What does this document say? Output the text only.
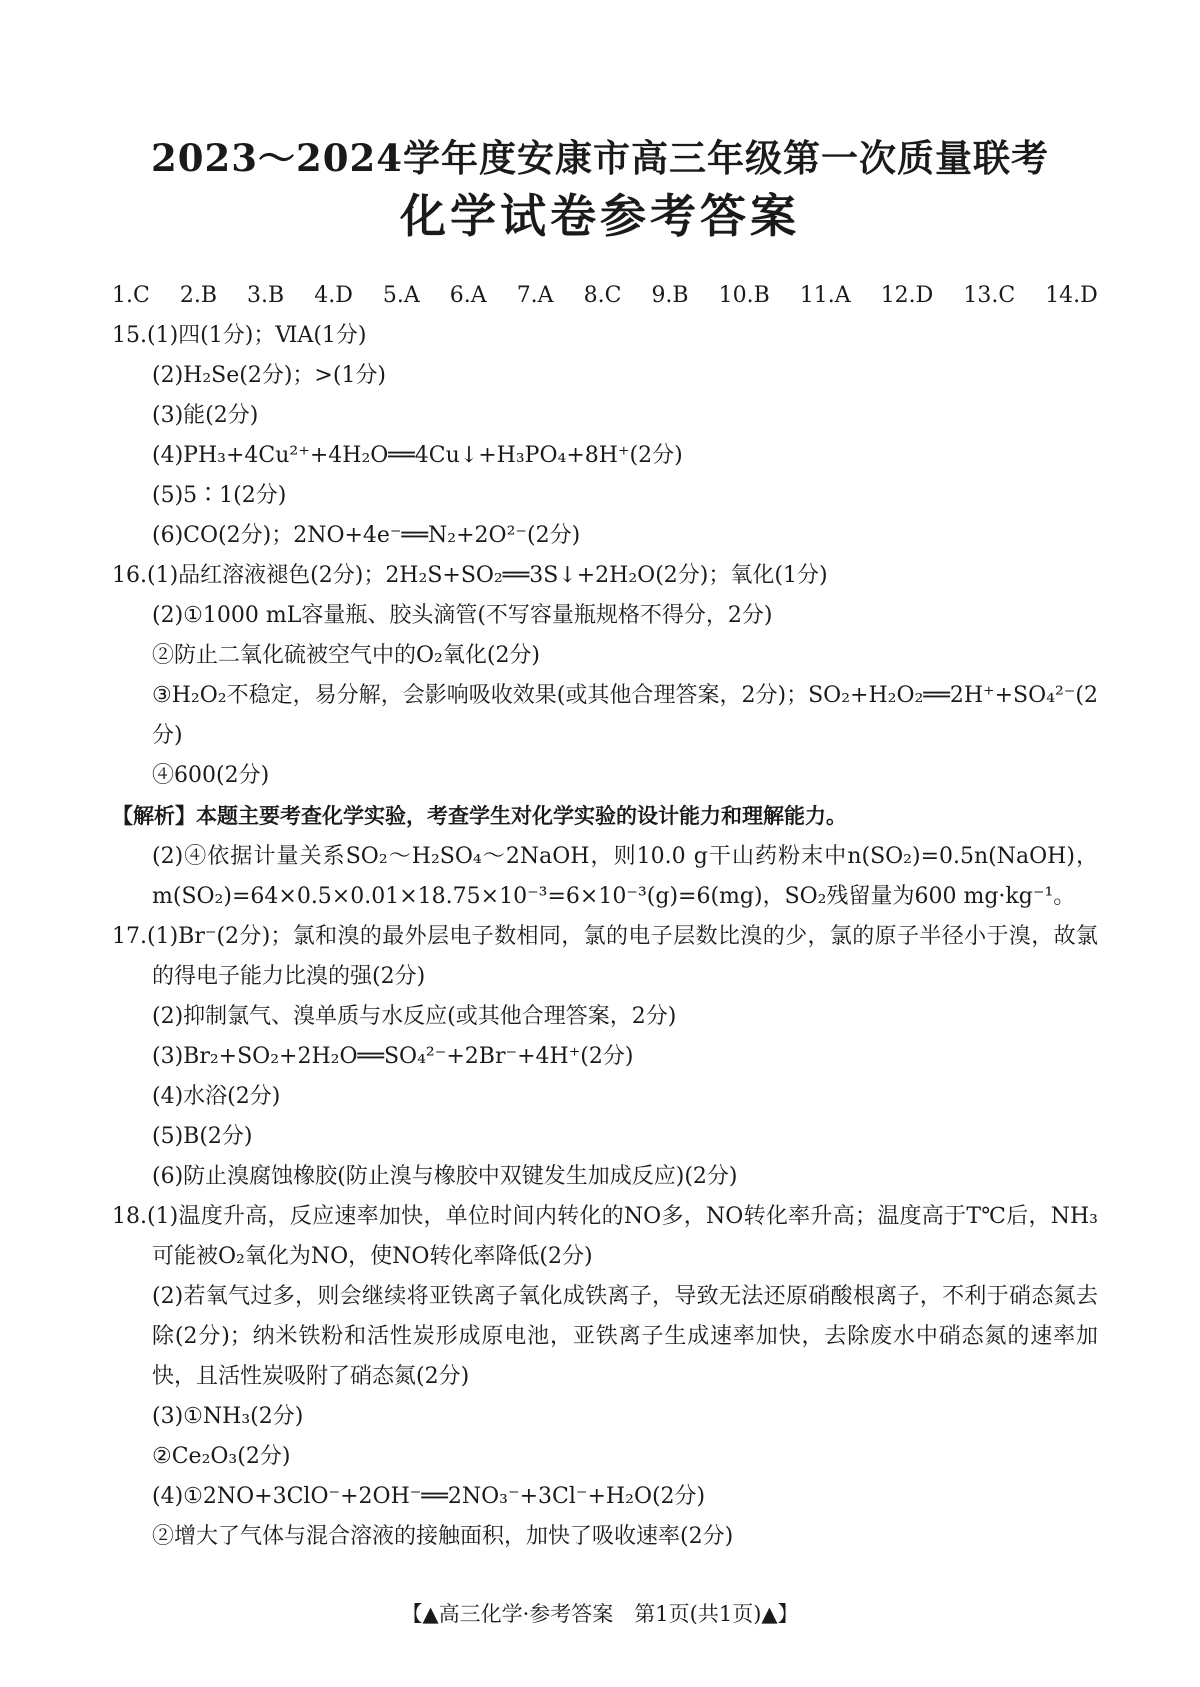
2023～2024学年度安康市高三年级第一次质量联考
化学试卷参考答案
1.C 2.B 3.B 4.D 5.A 6.A 7.A 8.C 9.B 10.B 11.A 12.D 13.C 14.D
15.(1)四(1分)；ⅥA(1分)
(2)H₂Se(2分)；>(1分)
(3)能(2分)
(4)PH₃+4Cu²⁺+4H₂O══4Cu↓+H₃PO₄+8H⁺(2分)
(5)5∶1(2分)
(6)CO(2分)；2NO+4e⁻══N₂+2O²⁻(2分)
16.(1)品红溶液褪色(2分)；2H₂S+SO₂══3S↓+2H₂O(2分)；氧化(1分)
(2)①1000 mL容量瓶、胶头滴管(不写容量瓶规格不得分，2分)
②防止二氧化硫被空气中的O₂氧化(2分)
③H₂O₂不稳定，易分解，会影响吸收效果(或其他合理答案，2分)；SO₂+H₂O₂══2H⁺+SO₄²⁻(2分)
④600(2分)
【解析】本题主要考查化学实验，考查学生对化学实验的设计能力和理解能力。
(2)④依据计量关系SO₂～H₂SO₄～2NaOH，则10.0 g干山药粉末中n(SO₂)=0.5n(NaOH)，m(SO₂)=64×0.5×0.01×18.75×10⁻³=6×10⁻³(g)=6(mg)，SO₂残留量为600 mg·kg⁻¹。
17.(1)Br⁻(2分)；氯和溴的最外层电子数相同，氯的电子层数比溴的少，氯的原子半径小于溴，故氯的得电子能力比溴的强(2分)
(2)抑制氯气、溴单质与水反应(或其他合理答案，2分)
(3)Br₂+SO₂+2H₂O══SO₄²⁻+2Br⁻+4H⁺(2分)
(4)水浴(2分)
(5)B(2分)
(6)防止溴腐蚀橡胶(防止溴与橡胶中双键发生加成反应)(2分)
18.(1)温度升高，反应速率加快，单位时间内转化的NO多，NO转化率升高；温度高于T℃后，NH₃可能被O₂氧化为NO，使NO转化率降低(2分)
(2)若氧气过多，则会继续将亚铁离子氧化成铁离子，导致无法还原硝酸根离子，不利于硝态氮去除(2分)；纳米铁粉和活性炭形成原电池，亚铁离子生成速率加快，去除废水中硝态氮的速率加快，且活性炭吸附了硝态氮(2分)
(3)①NH₃(2分)
②Ce₂O₃(2分)
(4)①2NO+3ClO⁻+2OH⁻══2NO₃⁻+3Cl⁻+H₂O(2分)
②增大了气体与混合溶液的接触面积，加快了吸收速率(2分)
【▲高三化学·参考答案　第1页(共1页)▲】
